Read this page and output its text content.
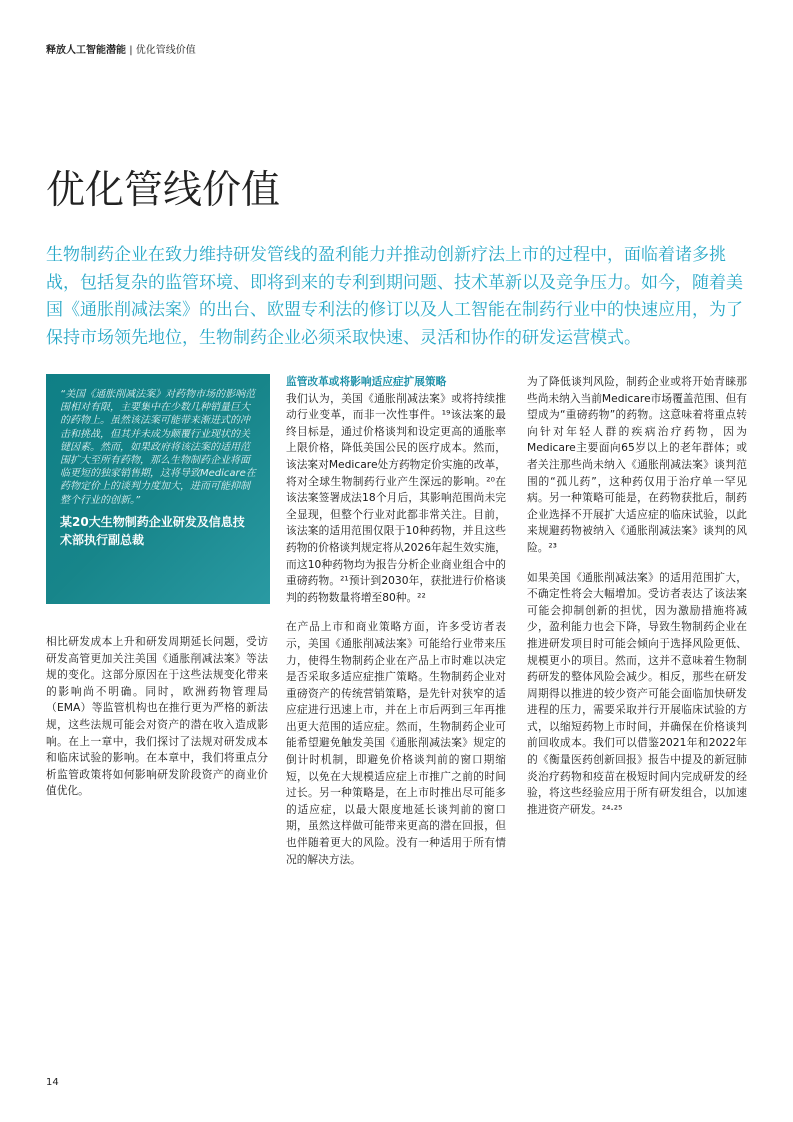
释放人工智能潜能 | 优化管线价值
优化管线价值

生物制药企业在致力维持研发管线的盈利能力并推动创新疗法上市的过程中，面临着诸多挑战，包括复杂的监管环境、即将到来的专利到期问题、技术革新以及竞争压力。如今，随着美国《通胀削减法案》的出台、欧盟专利法的修订以及人工智能在制药行业中的快速应用，为了保持市场领先地位，生物制药企业必须采取快速、灵活和协作的研发运营模式。

“美国《通胀削减法案》对药物市场的影响范围相对有限，主要集中在少数几种销量巨大的药物上。虽然该法案可能带来渐进式的冲击和挑战，但其并未成为颠覆行业现状的关键因素。然而，如果政府将该法案的适用范围扩大至所有药物，那么生物制药企业将面临更短的独家销售期，这将导致Medicare在药物定价上的谈判力度加大，进而可能抑制整个行业的创新。”

某20大生物制药企业研发及信息技术部执行副总裁

相比研发成本上升和研发周期延长问题，受访研发高管更加关注美国《通胀削减法案》等法规的变化。这部分原因在于这些法规变化带来的影响尚不明确。同时，欧洲药物管理局（EMA）等监管机构也在推行更为严格的新法规，这些法规可能会对资产的潜在收入造成影响。在上一章中，我们探讨了法规对研发成本和临床试验的影响。在本章中，我们将重点分析监管政策将如何影响研发阶段资产的商业价值优化。

监管改革或将影响适应症扩展策略

我们认为，美国《通胀削减法案》或将持续推动行业变革，而非一次性事件。¹⁹该法案的最终目标是，通过价格谈判和设定更高的通胀率上限价格，降低美国公民的医疗成本。然而，该法案对Medicare处方药物定价实施的改革，将对全球生物制药行业产生深远的影响。²⁰在该法案签署成法18个月后，其影响范围尚未完全显现，但整个行业对此都非常关注。目前，该法案的适用范围仅限于10种药物，并且这些药物的价格谈判规定将从2026年起生效实施，而这10种药物均为报告分析企业商业组合中的重磅药物。²¹预计到2030年，获批进行价格谈判的药物数量将增至80种。²²

在产品上市和商业策略方面，许多受访者表示，美国《通胀削减法案》可能给行业带来压力，使得生物制药企业在产品上市时难以决定是否采取多适应症推广策略。生物制药企业对重磅资产的传统营销策略，是先针对狭窄的适应症进行迅速上市，并在上市后两到三年再推出更大范围的适应症。然而，生物制药企业可能希望避免触发美国《通胀削减法案》规定的倒计时机制，即避免价格谈判前的窗口期缩短，以免在大规模适应症上市推广之前的时间过长。另一种策略是，在上市时推出尽可能多的适应症，以最大限度地延长谈判前的窗口期，虽然这样做可能带来更高的潜在回报，但也伴随着更大的风险。没有一种适用于所有情况的解决方法。

为了降低谈判风险，制药企业或将开始青睐那些尚未纳入当前Medicare市场覆盖范围、但有望成为“重磅药物”的药物。这意味着将重点转向针对年轻人群的疾病治疗药物，因为Medicare主要面向65岁以上的老年群体；或者关注那些尚未纳入《通胀削减法案》谈判范围的“孤儿药”，这种药仅用于治疗单一罕见病。另一种策略可能是，在药物获批后，制药企业选择不开展扩大适应症的临床试验，以此来规避药物被纳入《通胀削减法案》谈判的风险。²³

如果美国《通胀削减法案》的适用范围扩大，不确定性将会大幅增加。受访者表达了该法案可能会抑制创新的担忧，因为激励措施将减少，盈利能力也会下降，导致生物制药企业在推进研发项目时可能会倾向于选择风险更低、规模更小的项目。然而，这并不意味着生物制药研发的整体风险会减少。相反，那些在研发周期得以推进的较少资产可能会面临加快研发进程的压力，需要采取并行开展临床试验的方式，以缩短药物上市时间，并确保在价格谈判前回收成本。我们可以借鉴2021年和2022年的《衡量医药创新回报》报告中提及的新冠肺炎治疗药物和疫苗在极短时间内完成研发的经验，将这些经验应用于所有研发组合，以加速推进资产研发。²⁴·²⁵

14
